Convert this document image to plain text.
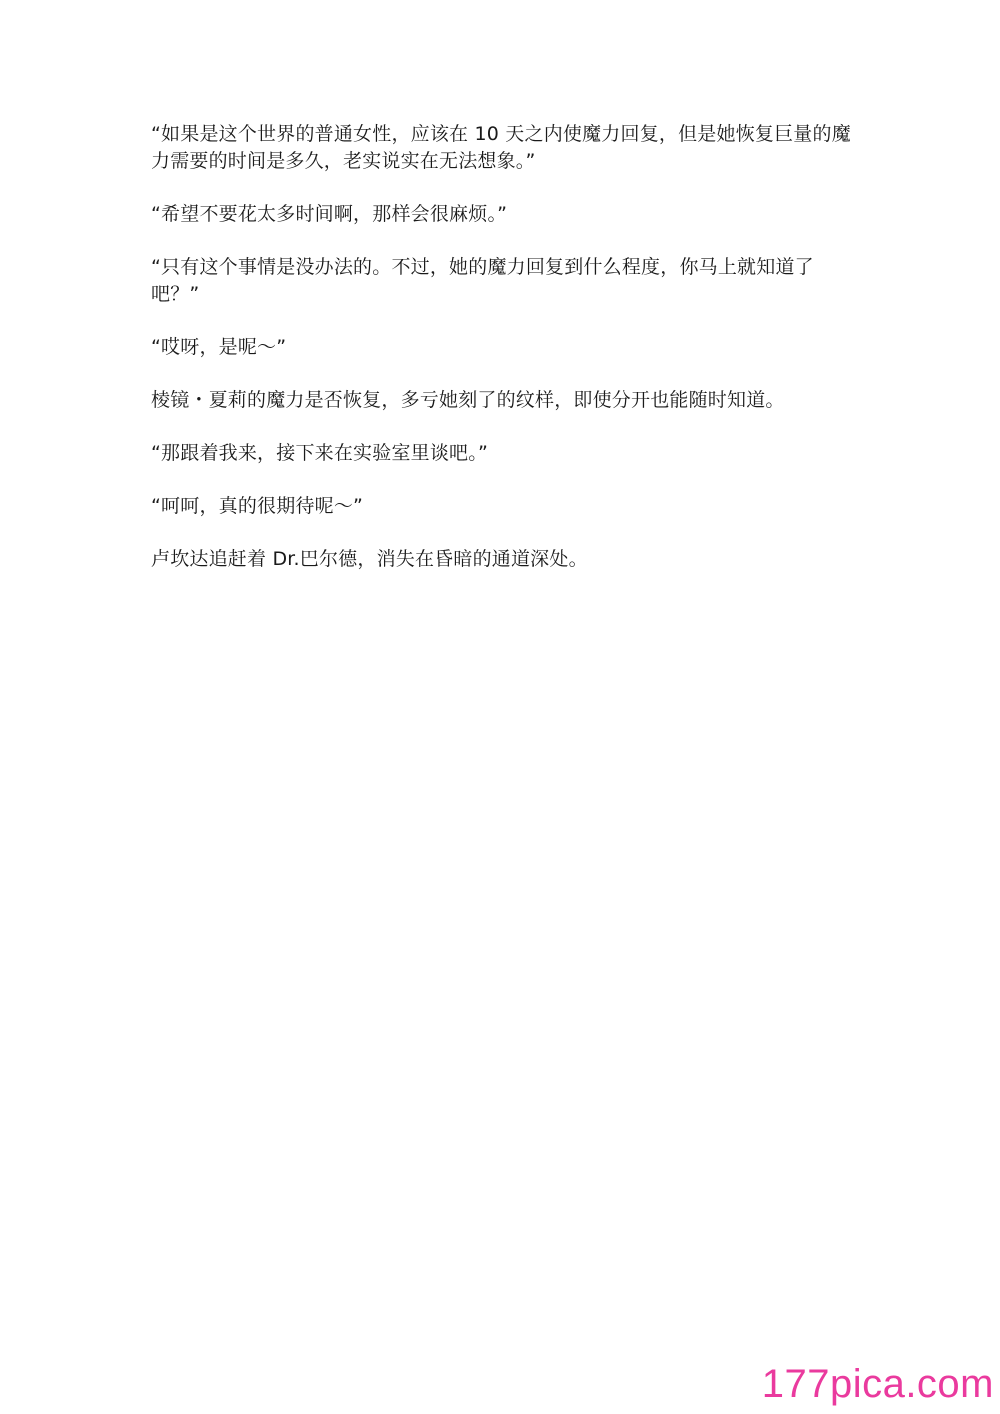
“如果是这个世界的普通女性，应该在 10 天之内使魔力回复，但是她恢复巨量的魔力需要的时间是多久，老实说实在无法想象。”

“希望不要花太多时间啊，那样会很麻烦。”

“只有这个事情是没办法的。不过，她的魔力回复到什么程度，你马上就知道了吧？”

“哎呀，是呢～”

棱镜・夏莉的魔力是否恢复，多亏她刻了的纹样，即使分开也能随时知道。

“那跟着我来，接下来在实验室里谈吧。”

“呵呵，真的很期待呢～”

卢坎达追赶着 Dr.巴尔德，消失在昏暗的通道深处。

177pica.com
